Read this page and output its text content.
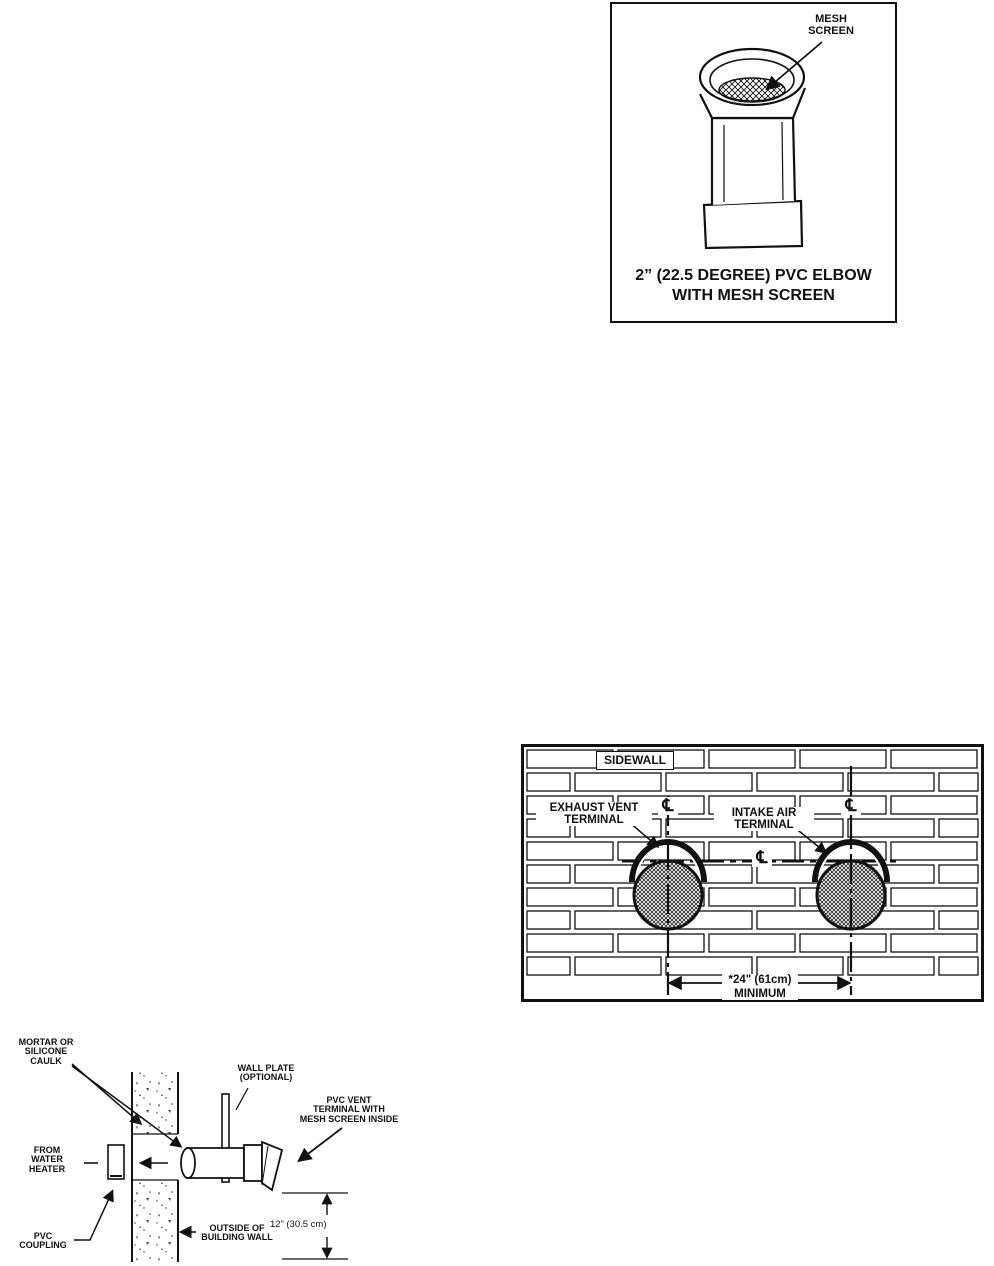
MESH
SCREEN
2” (22.5 DEGREE) PVC ELBOW
WITH MESH SCREEN
SIDEWALL
EXHAUST VENT
TERMINAL
INTAKE AIR
TERMINAL
℄	℄
℄
*24" (61cm)
MINIMUM
MORTAR OR
SILICONE
CAULK
WALL PLATE
(OPTIONAL)
PVC VENT
TERMINAL WITH
MESH SCREEN INSIDE
FROM
WATER
HEATER
PVC
COUPLING
OUTSIDE OF
BUILDING WALL
12” (30.5 cm)
